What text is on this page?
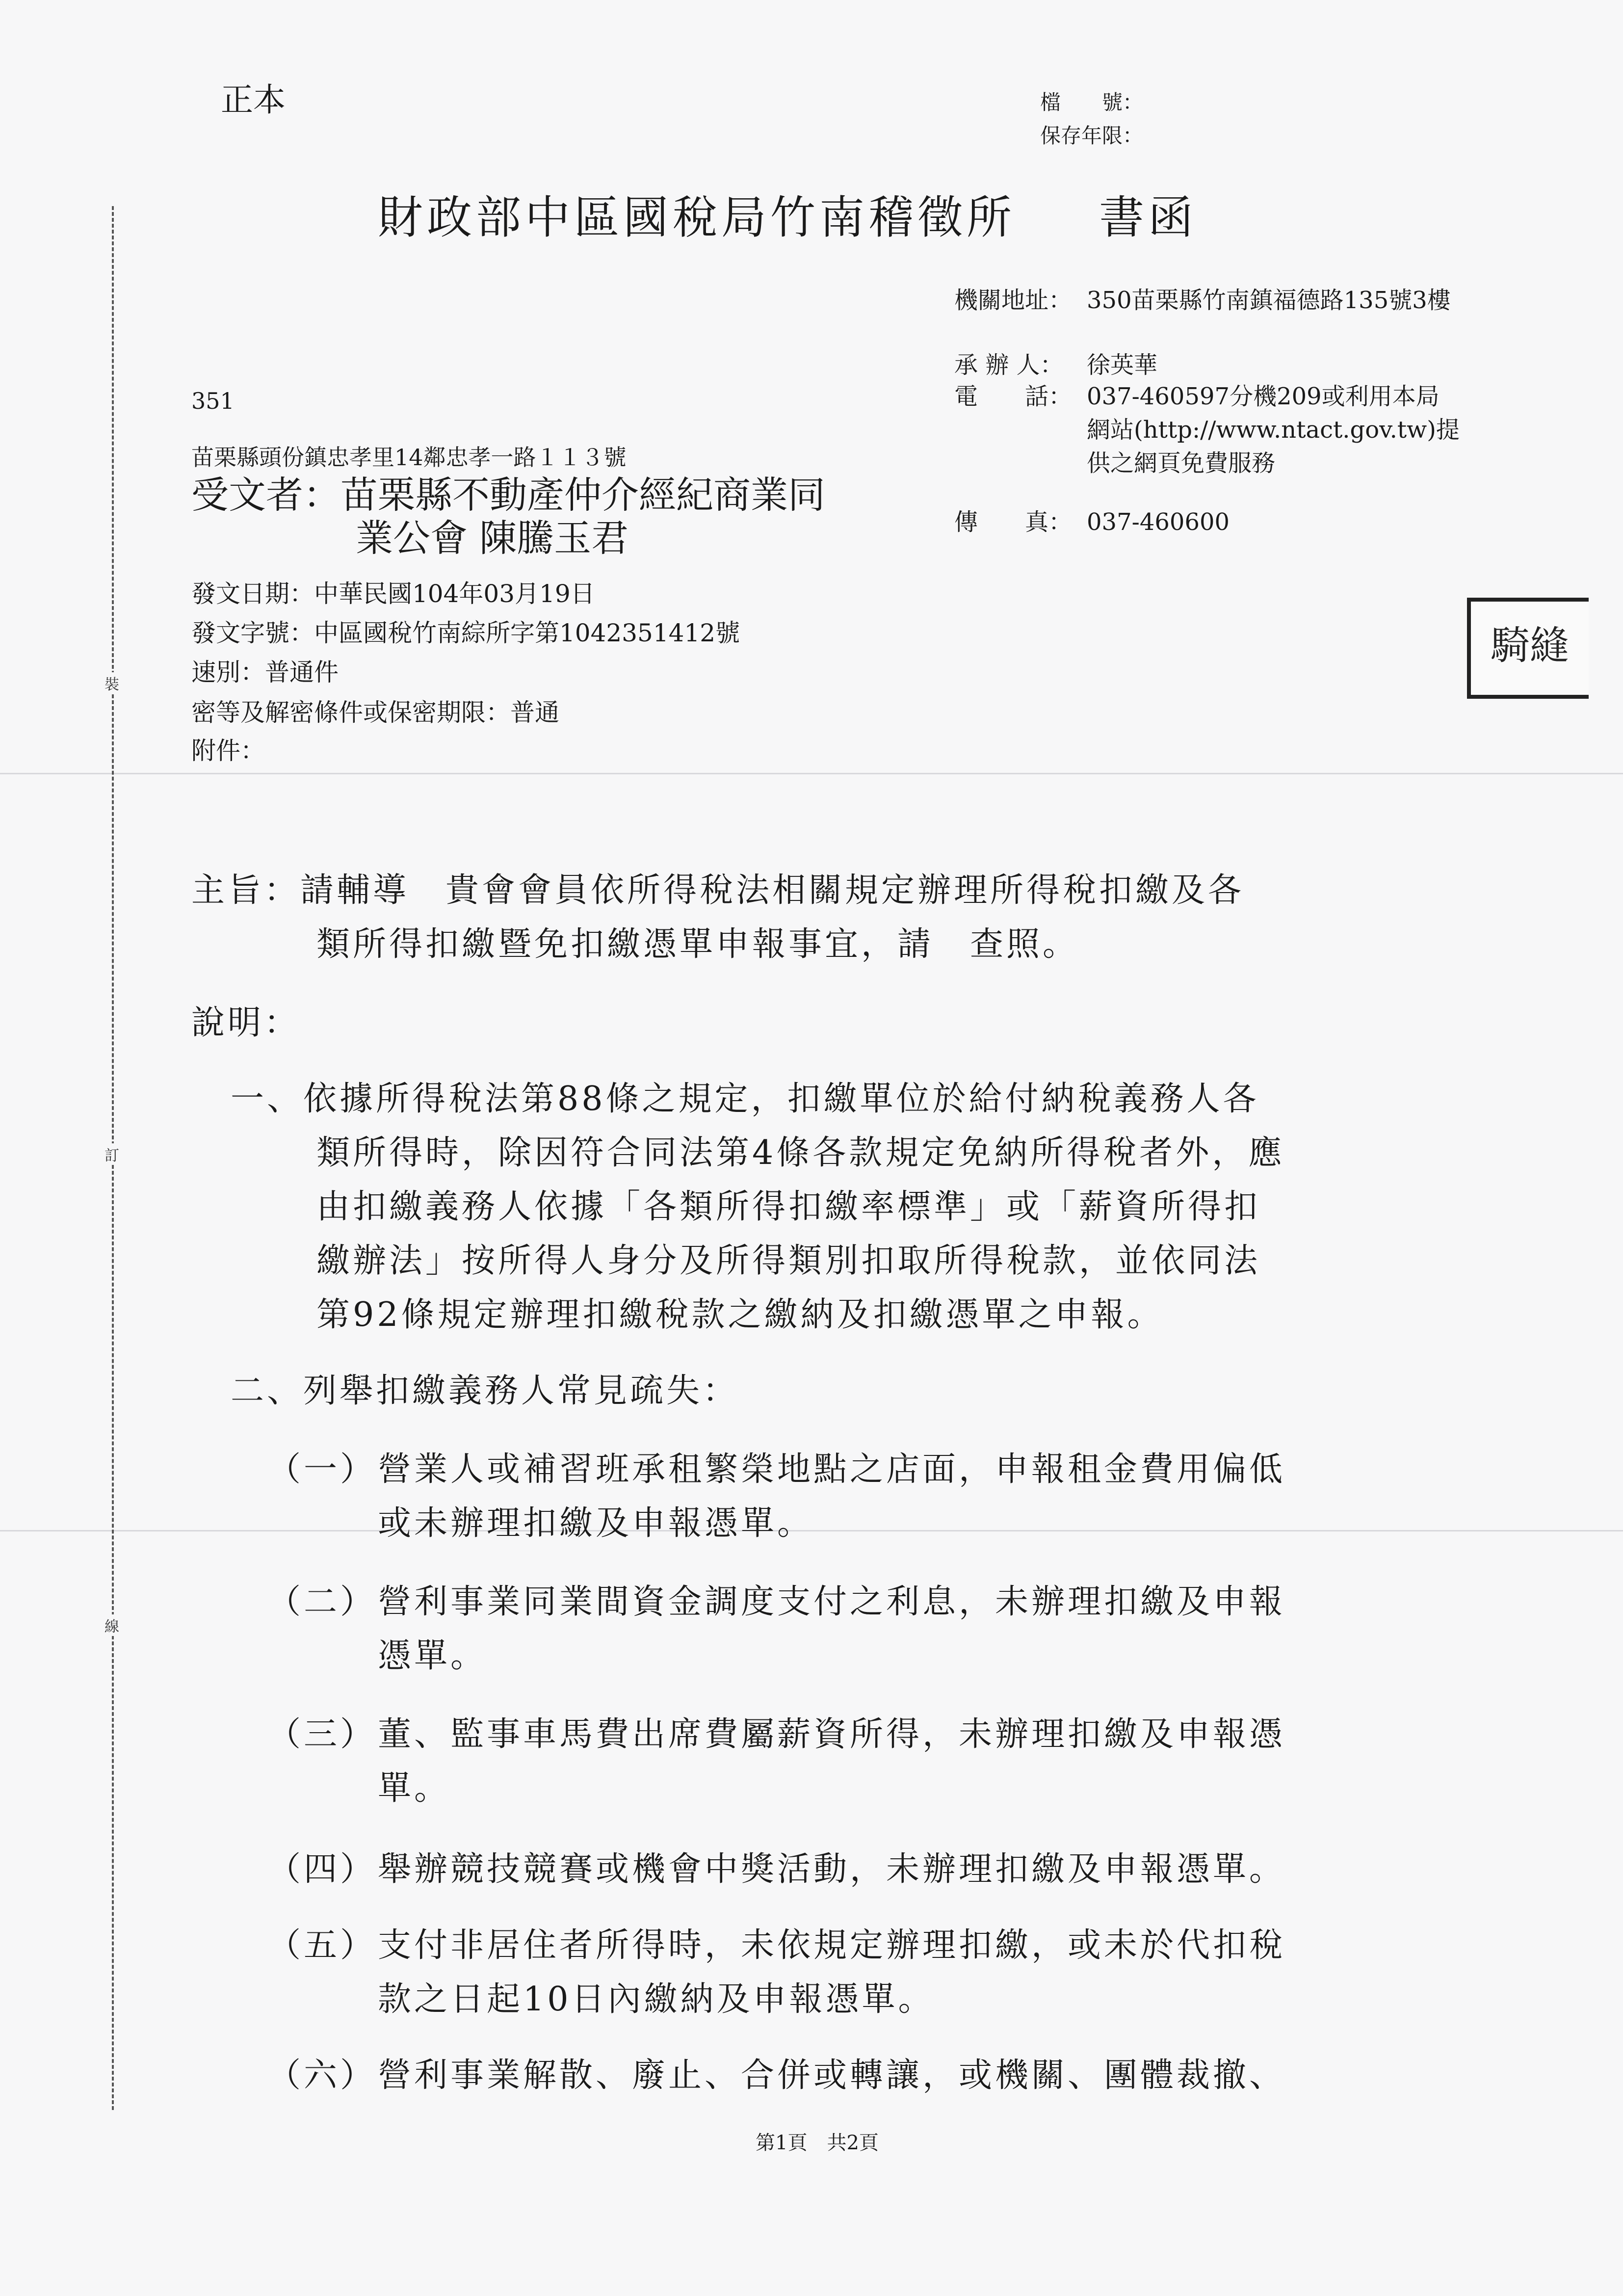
裝
訂
線
正本	檔　　號：
保存年限：
財政部中區國稅局竹南稽徵所 書函
機關地址： 350苗栗縣竹南鎮福德路135號3樓
承 辦 人： 徐英華
電　　話： 037-460597分機209或利用本局網站(http://www.ntact.gov.tw)提供之網頁免費服務
傳　　真： 037-460600
351
苗栗縣頭份鎮忠孝里14鄰忠孝一路１１３號
受文者：苗栗縣不動產仲介經紀商業同
業公會 陳騰玉君
發文日期：中華民國104年03月19日
發文字號：中區國稅竹南綜所字第1042351412號
速別：普通件
密等及解密條件或保密期限：普通
附件：
騎縫
主旨：請輔導　貴會會員依所得稅法相關規定辦理所得稅扣繳及各
類所得扣繳暨免扣繳憑單申報事宜，請　查照。
說明：
一、依據所得稅法第88條之規定，扣繳單位於給付納稅義務人各
類所得時，除因符合同法第4條各款規定免納所得稅者外，應
由扣繳義務人依據「各類所得扣繳率標準」或「薪資所得扣
繳辦法」按所得人身分及所得類別扣取所得稅款，並依同法
第92條規定辦理扣繳稅款之繳納及扣繳憑單之申報。
二、列舉扣繳義務人常見疏失：
（一） 營業人或補習班承租繁榮地點之店面，申報租金費用偏低
或未辦理扣繳及申報憑單。
（二） 營利事業同業間資金調度支付之利息，未辦理扣繳及申報
憑單。
（三） 董、監事車馬費出席費屬薪資所得，未辦理扣繳及申報憑
單。
（四） 舉辦競技競賽或機會中獎活動，未辦理扣繳及申報憑單。
（五） 支付非居住者所得時，未依規定辦理扣繳，或未於代扣稅
款之日起10日內繳納及申報憑單。
（六） 營利事業解散、廢止、合併或轉讓，或機關、團體裁撤、
第1頁　共2頁
